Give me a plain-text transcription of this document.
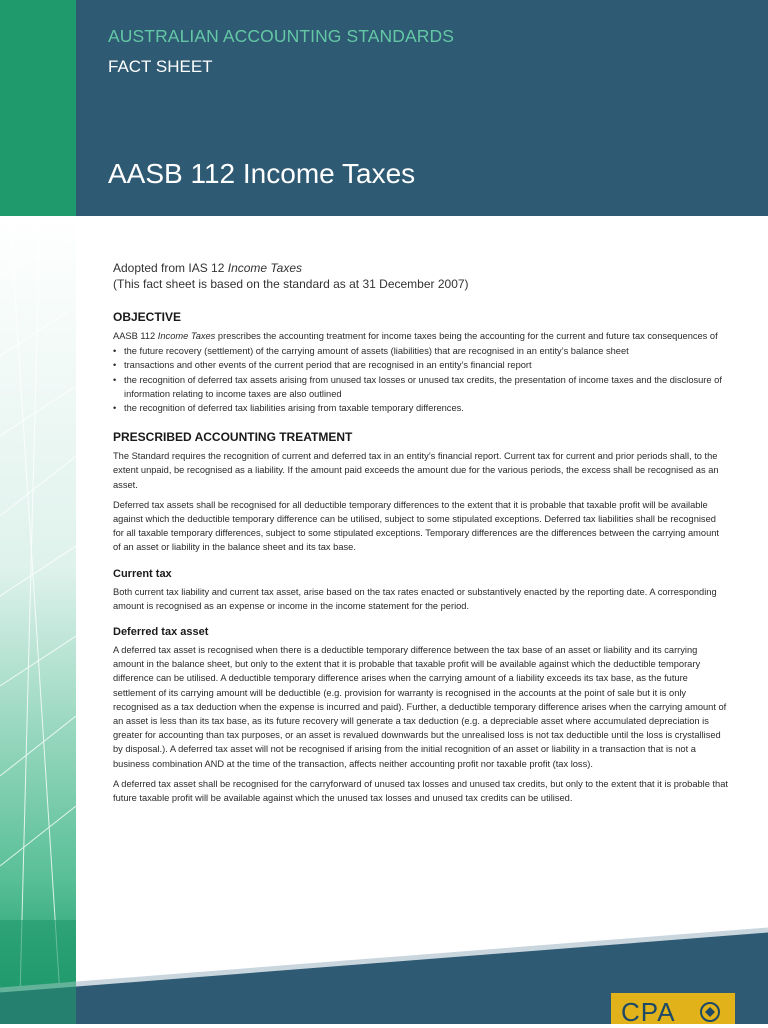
AUSTRALIAN ACCOUNTING STANDARDS
FACT SHEET
AASB 112 Income Taxes
Adopted from IAS 12 Income Taxes
(This fact sheet is based on the standard as at 31 December 2007)
OBJECTIVE

AASB 112 Income Taxes prescribes the accounting treatment for income taxes being the accounting for the current and future tax consequences of

• the future recovery (settlement) of the carrying amount of assets (liabilities) that are recognised in an entity’s balance sheet
• transactions and other events of the current period that are recognised in an entity’s financial report
• the recognition of deferred tax assets arising from unused tax losses or unused tax credits, the presentation of income taxes and the disclosure of information relating to income taxes are also outlined
• the recognition of deferred tax liabilities arising from taxable temporary differences.
PRESCRIBED ACCOUNTING TREATMENT

The Standard requires the recognition of current and deferred tax in an entity’s financial report. Current tax for current and prior periods shall, to the extent unpaid, be recognised as a liability. If the amount paid exceeds the amount due for the various periods, the excess shall be recognised as an asset.

Deferred tax assets shall be recognised for all deductible temporary differences to the extent that it is probable that taxable profit will be available against which the deductible temporary difference can be utilised, subject to some stipulated exceptions. Deferred tax liabilities shall be recognised for all taxable temporary differences, subject to some stipulated exceptions. Temporary differences are the differences between the carrying amount of an asset or liability in the balance sheet and its tax base.

Current tax

Both current tax liability and current tax asset, arise based on the tax rates enacted or substantively enacted by the reporting date. A corresponding amount is recognised as an expense or income in the income statement for the period.

Deferred tax asset

A deferred tax asset is recognised when there is a deductible temporary difference between the tax base of an asset or liability and its carrying amount in the balance sheet, but only to the extent that it is probable that taxable profit will be available against which the deductible temporary difference can be utilised. A deductible temporary difference arises when the carrying amount of a liability exceeds its tax base, as the future settlement of its carrying amount will be deductible (e.g. provision for warranty is recognised in the accounts at the point of sale but it is only recognised as a tax deduction when the expense is incurred and paid). Further, a deductible temporary difference arises when the carrying amount of an asset is less than its tax base, as its future recovery will generate a tax deduction (e.g. a depreciable asset where accumulated depreciation is greater for accounting than tax purposes, or an asset is revalued downwards but the unrealised loss is not tax deductible until the loss is crystallised by disposal.). A deferred tax asset will not be recognised if arising from the initial recognition of an asset or liability in a transaction that is not a business combination AND at the time of the transaction, affects neither accounting profit nor taxable profit (tax loss).

A deferred tax asset shall be recognised for the carryforward of unused tax losses and unused tax credits, but only to the extent that it is probable that future taxable profit will be available against which the unused tax losses and unused tax credits can be utilised.

CPA
